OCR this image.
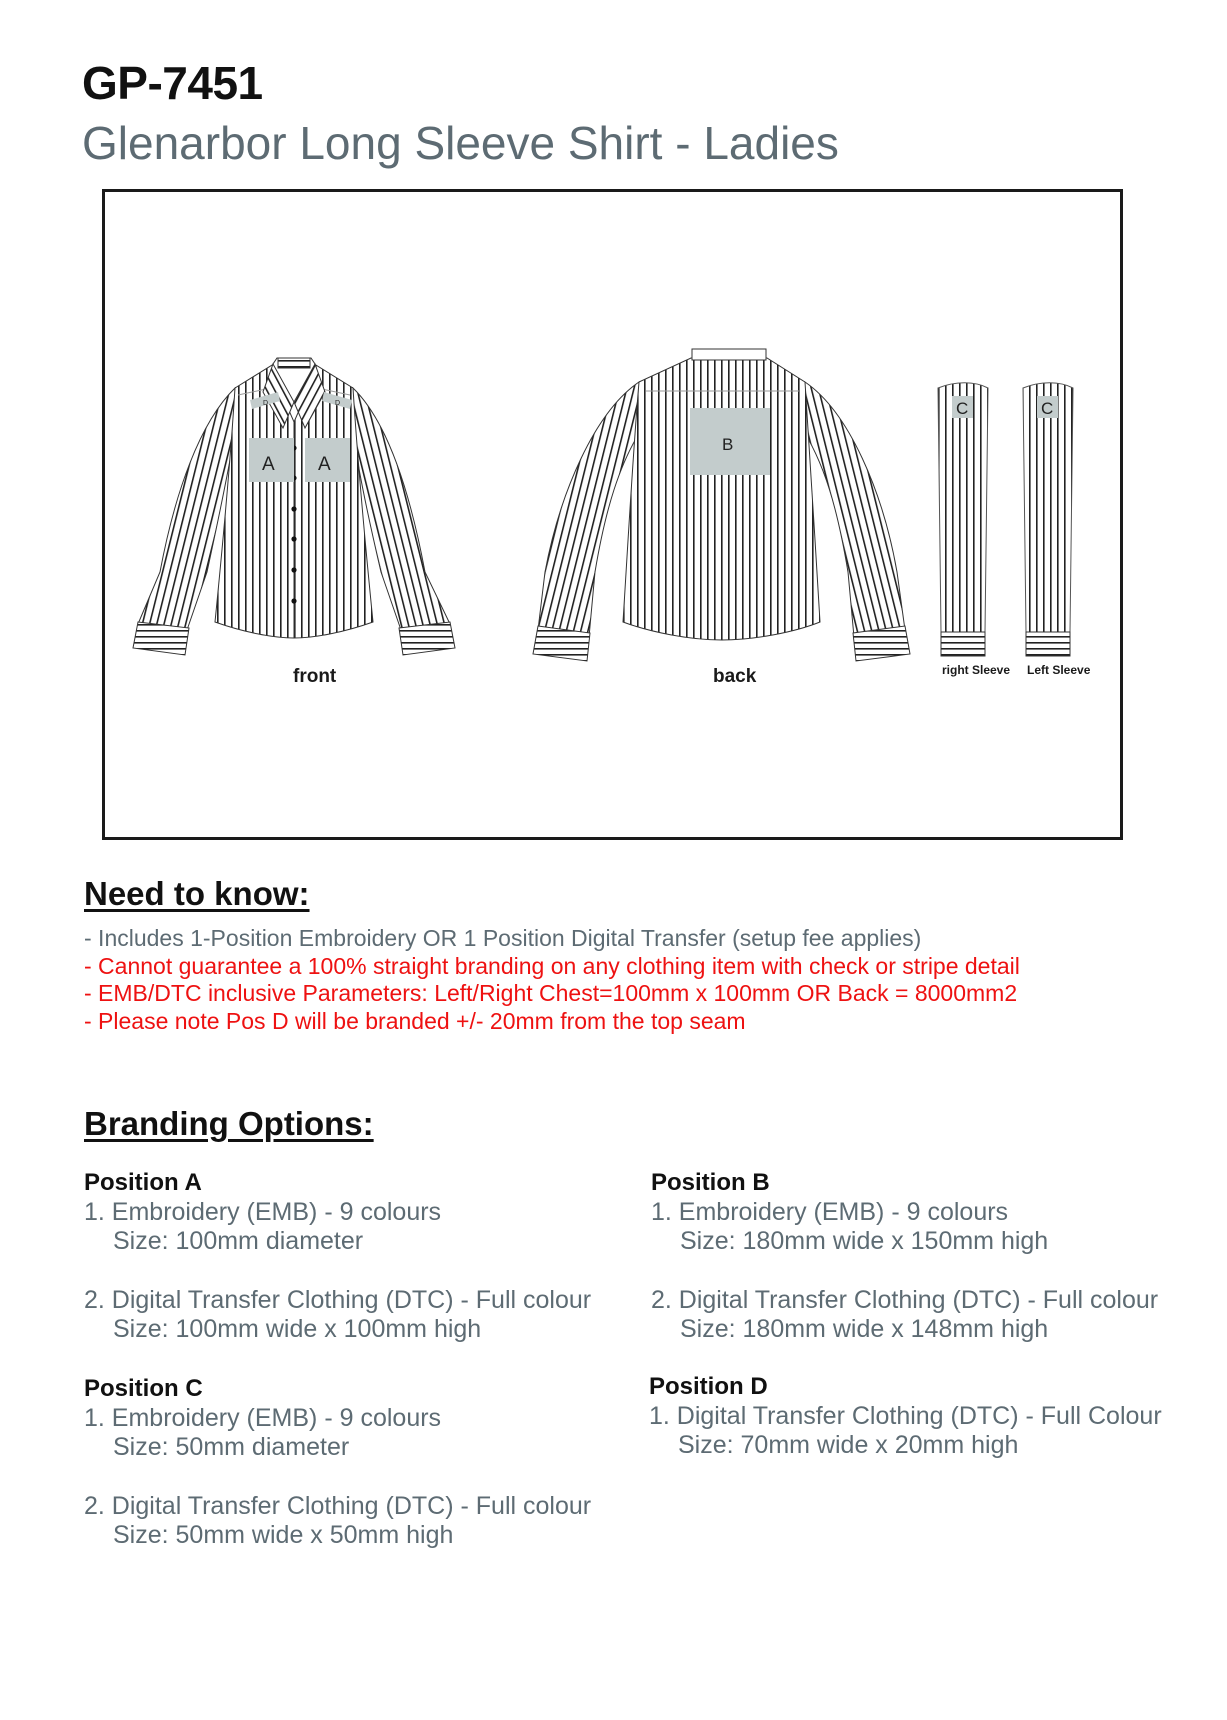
GP-7451
Glenarbor Long Sleeve Shirt - Ladies
D	D
A A
B
C	C
front	back	right Sleeve Left Sleeve
Need to know:
- Includes 1-Position Embroidery OR 1 Position Digital Transfer (setup fee applies)
- Cannot guarantee a 100% straight branding on any clothing item with check or stripe detail
- EMB/DTC inclusive Parameters: Left/Right Chest=100mm x 100mm OR Back = 8000mm2
- Please note Pos D will be branded +/- 20mm from the top seam
Branding Options:
Position A
1. Embroidery (EMB) - 9 colours
Size: 100mm diameter
2. Digital Transfer Clothing (DTC) - Full colour
Size: 100mm wide x 100mm high
Position B
1. Embroidery (EMB) - 9 colours
Size: 180mm wide x 150mm high
2. Digital Transfer Clothing (DTC) - Full colour
Size: 180mm wide x 148mm high
Position C
1. Embroidery (EMB) - 9 colours
Size: 50mm diameter
2. Digital Transfer Clothing (DTC) - Full colour
Size: 50mm wide x 50mm high
Position D
1. Digital Transfer Clothing (DTC) - Full Colour
Size: 70mm wide x 20mm high
